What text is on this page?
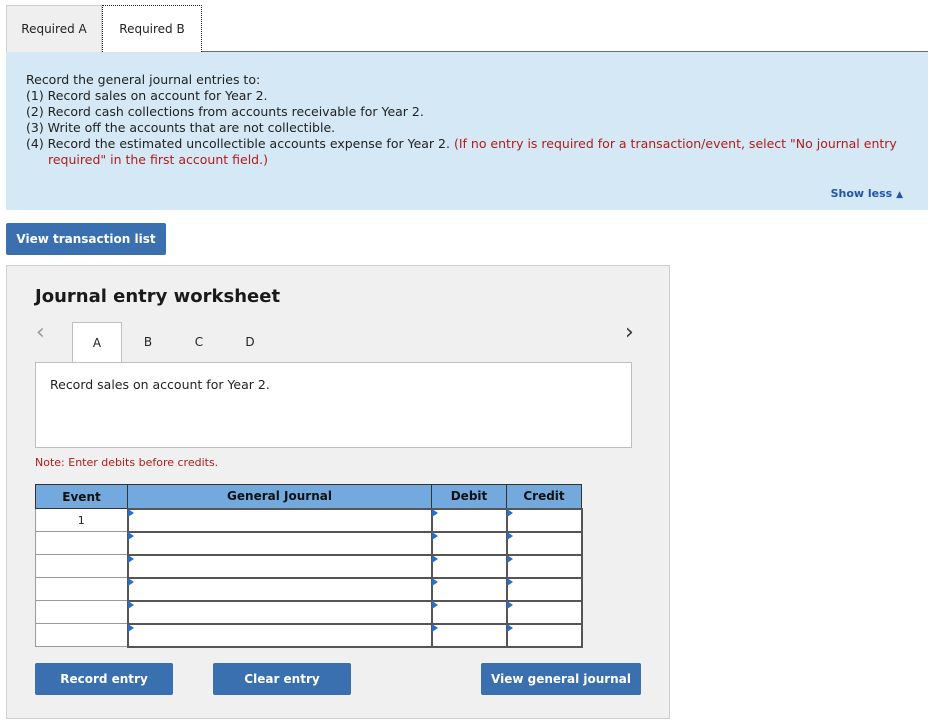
Required A	Required B
Record the general journal entries to:
(1) Record sales on account for Year 2.
(2) Record cash collections from accounts receivable for Year 2.
(3) Write off the accounts that are not collectible.
(4) Record the estimated uncollectible accounts expense for Year 2. (If no entry is required for a transaction/event, select "No journal entry required" in the first account field.)
Show less ▲
View transaction list
Journal entry worksheet
‹	A	B	C	D	›
Record sales on account for Year 2.
Note: Enter debits before credits.
Event	General Journal	Debit	Credit
1	

Record entry	Clear entry	View general journal
